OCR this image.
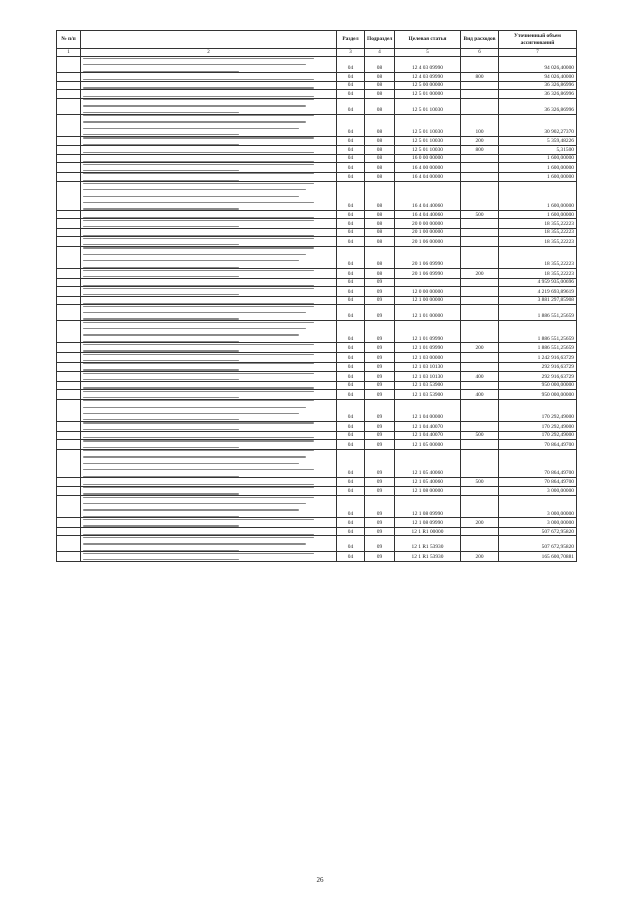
№ п/п		Раздел	Подраздел	Целевая статья	Вид расходов	Уточненный объем ассигнований
1	2	3	4	5	6	7

	04	08	12 4 03 09990		94 026,40000

	04	08	12 4 03 09990	800	94 026,40000

	04	08	12 5 00 00000		36 326,86996

	04	08	12 5 01 00000		36 326,86996

	04	08	12 5 01 10030		36 326,86996

	04	08	12 5 01 10030	100	30 902,27370

	04	08	12 5 01 10030	200	5 359,48226

	04	08	12 5 01 10030	800	5,31500

	04	08	16 0 00 00000		1 600,00000

	04	08	16 4 00 00000		1 600,00000

	04	08	16 4 04 00000		1 600,00000

	04	08	16 4 04 40060		1 600,00000

	04	08	16 4 04 40060	500	1 600,00000

	04	08	20 0 00 00000		18 355,22223

	04	08	20 1 00 00000		18 355,22223

	04	08	20 1 06 00000		18 355,22223

	04	08	20 1 06 09990		18 355,22223

	04	08	20 1 06 09990	200	18 355,22223

	04	09			4 959 935,00696

	04	09	12 0 00 00000		4 219 693,89619

	04	09	12 1 00 00000		3 881 297,85908

	04	09	12 1 01 00000		1 886 551,25659

	04	09	12 1 01 09990		1 886 551,25659

	04	09	12 1 01 09990	200	1 886 551,25659

	04	09	12 1 03 00000		1 242 916,63729

	04	09	12 1 03 10130		292 916,63729

	04	09	12 1 03 10130	400	292 916,63729

	04	09	12 1 03 53900		950 000,00000

	04	09	12 1 03 53900	400	950 000,00000

	04	09	12 1 04 00000		170 292,49000

	04	09	12 1 04 40070		170 292,49000

	04	09	12 1 04 40070	500	170 292,49000

	04	09	12 1 05 00000		70 864,49700

	04	09	12 1 05 40060		70 864,49700

	04	09	12 1 05 40060	500	70 864,49700

	04	09	12 1 08 00000		3 000,00000

	04	09	12 1 08 09990		3 000,00000

	04	09	12 1 08 09990	200	3 000,00000

	04	09	12 1 R1 00000		507 672,95820

	04	09	12 1 R1 53930		507 672,95820

	04	09	12 1 R1 53930	200	165 600,70881
26
